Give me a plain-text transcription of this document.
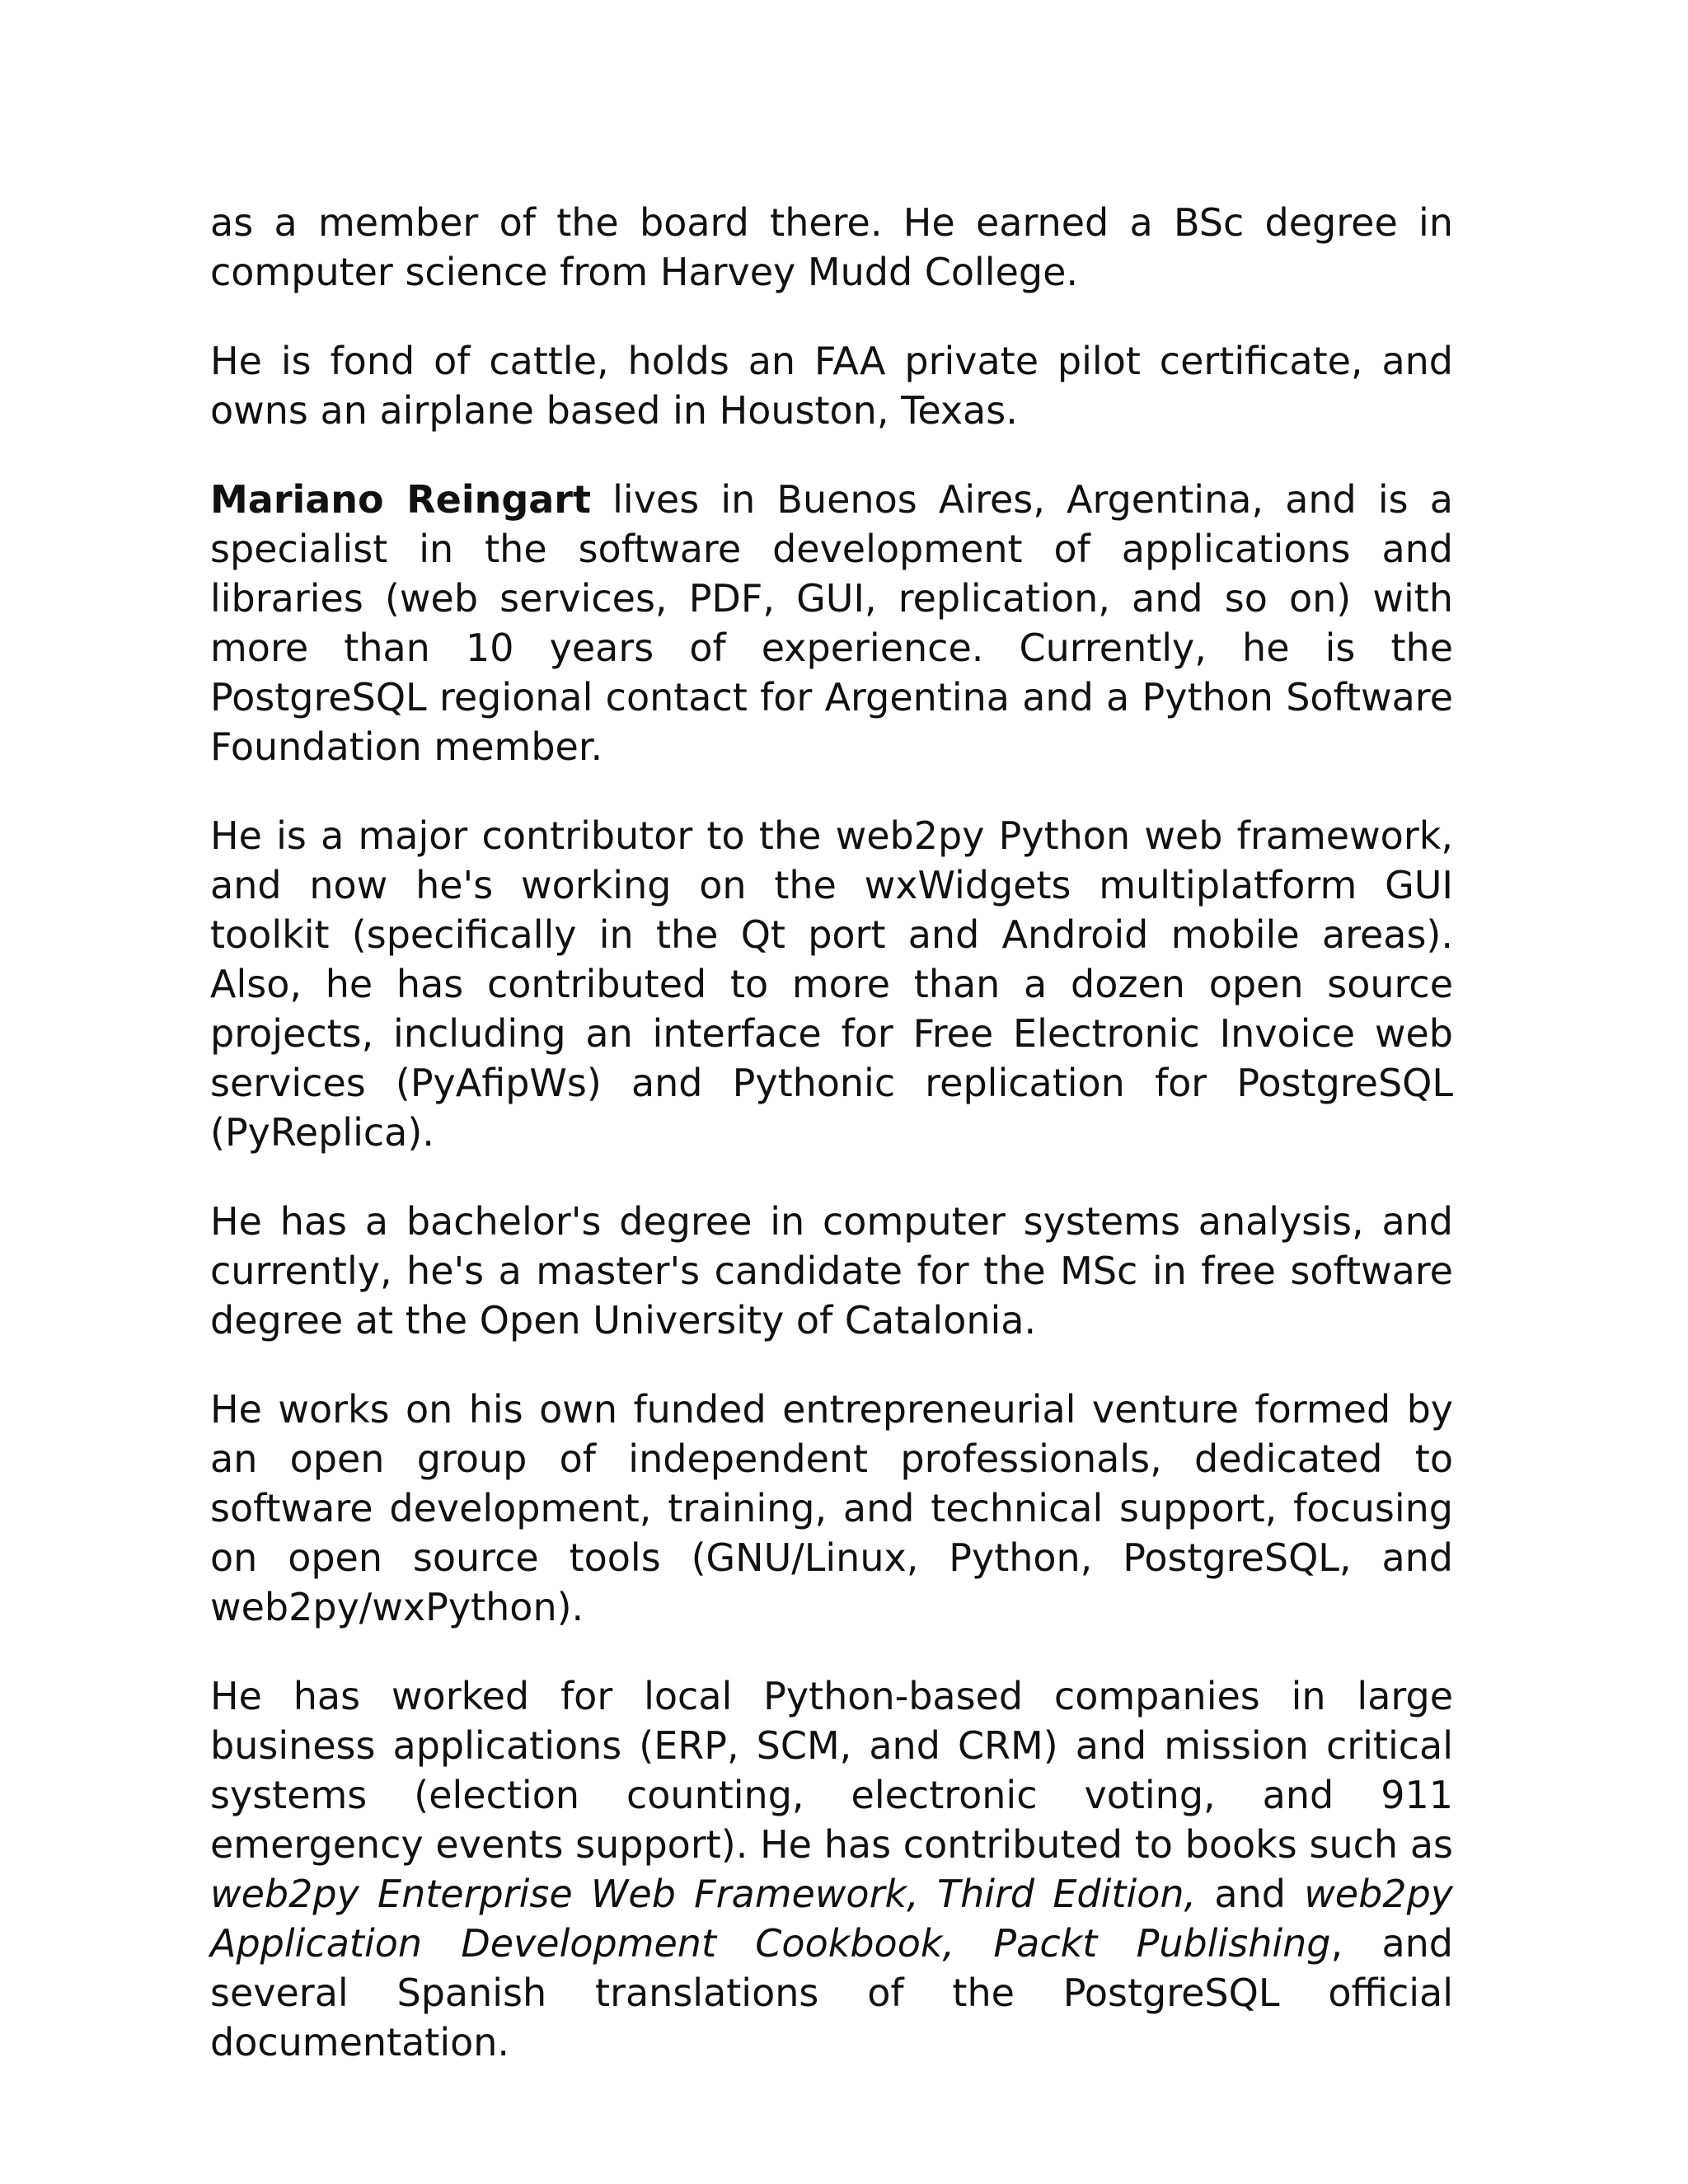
as a member of the board there. He earned a BSc degree in computer science from Harvey Mudd College.

He is fond of cattle, holds an FAA private pilot certificate, and owns an airplane based in Houston, Texas.

Mariano Reingart lives in Buenos Aires, Argentina, and is a specialist in the software development of applications and libraries (web services, PDF, GUI, replication, and so on) with more than 10 years of experience. Currently, he is the PostgreSQL regional contact for Argentina and a Python Software Foundation member.

He is a major contributor to the web2py Python web framework, and now he's working on the wxWidgets multiplatform GUI toolkit (specifically in the Qt port and Android mobile areas). Also, he has contributed to more than a dozen open source projects, including an interface for Free Electronic Invoice web services (PyAfipWs) and Pythonic replication for PostgreSQL (PyReplica).

He has a bachelor's degree in computer systems analysis, and currently, he's a master's candidate for the MSc in free software degree at the Open University of Catalonia.

He works on his own funded entrepreneurial venture formed by an open group of independent professionals, dedicated to software development, training, and technical support, focusing on open source tools (GNU/Linux, Python, PostgreSQL, and web2py/wxPython).

He has worked for local Python-based companies in large business applications (ERP, SCM, and CRM) and mission critical systems (election counting, electronic voting, and 911 emergency events support). He has contributed to books such as web2py Enterprise Web Framework, Third Edition, and web2py Application Development Cookbook, Packt Publishing, and several Spanish translations of the PostgreSQL official documentation.
